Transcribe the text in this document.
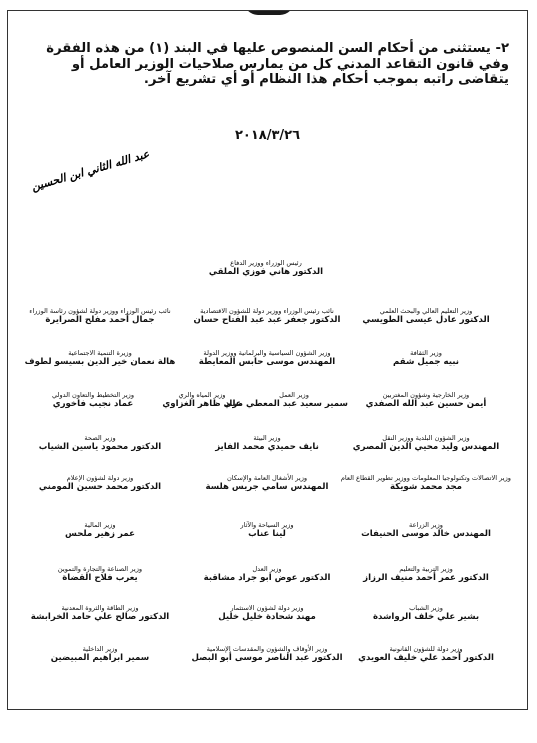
٢- يستثنى من أحكام السن المنصوص عليها في البند (١) من هذه الفقرة وفي قانون التقاعد المدني كل من يمارس صلاحيات الوزير العامل أو يتقاضى راتبه بموجب أحكام هذا النظام أو أي تشريع آخر.
٢٠١٨/٣/٢٦
عبد الله الثاني ابن الحسين
رئيس الوزراء ووزير الدفاع
الدكتور هاني فوزي الملقي
وزير التعليم العالي والبحث العلمي
الدكتور عادل عيسى الطويسي
نائب رئيس الوزراء ووزير دولة للشؤون الاقتصادية
الدكتور جعفر عبد عبد الفتاح حسان
نائب رئيس الوزراء ووزير دولة لشؤون رئاسة الوزراء
جمال أحمد مفلح الصرايرة
وزير الثقافة
نبيه جميل شقم
وزير الشؤون السياسية والبرلمانية ووزير الدولة
المهندس موسى حابس المعايطة
وزيرة التنمية الاجتماعية
هالة نعمان خير الدين بسيسو لطوف
وزير الخارجية وشؤون المغتربين
أيمن حسين عبد الله الصفدي
وزير العمل
سمير سعيد عبد المعطي مراد
وزير المياه والري
علي ظاهر الغزاوي
وزير التخطيط والتعاون الدولي
عماد نجيب فاخوري
وزير الشؤون البلدية ووزير النقل
المهندس وليد محيي الدين المصري
وزير البيئة
نايف حميدي محمد الفايز
وزير الصحة
الدكتور محمود ياسين الشياب
وزير الاتصالات وتكنولوجيا المعلومات ووزير تطوير القطاع العام
مجد محمد شويكة
وزير الأشغال العامة والإسكان
المهندس سامي جريس هلسة
وزير دولة لشؤون الإعلام
الدكتور محمد حسين المومني
وزير الزراعة
المهندس خالد موسى الحنيفات
وزير السياحة والآثار
لينا عناب
وزير المالية
عمر زهير ملحس
وزير التربية والتعليم
الدكتور عمر أحمد منيف الرزاز
وزير العدل
الدكتور عوض ابو جراد مشاقبة
وزير الصناعة والتجارة والتموين
يعرب فلاح القضاة
وزير الشباب
بشير علي خلف الرواشدة
وزير دولة لشؤون الاستثمار
مهند شحادة خليل خليل
وزير الطاقة والثروة المعدنية
الدكتور صالح علي حامد الخرابشة
وزير دولة للشؤون القانونية
الدكتور أحمد علي خليف العويدي
وزير الأوقاف والشؤون والمقدسات الإسلامية
الدكتور عبد الناصر موسى أبو البصل
وزير الداخلية
سمير ابراهيم المبيضين
